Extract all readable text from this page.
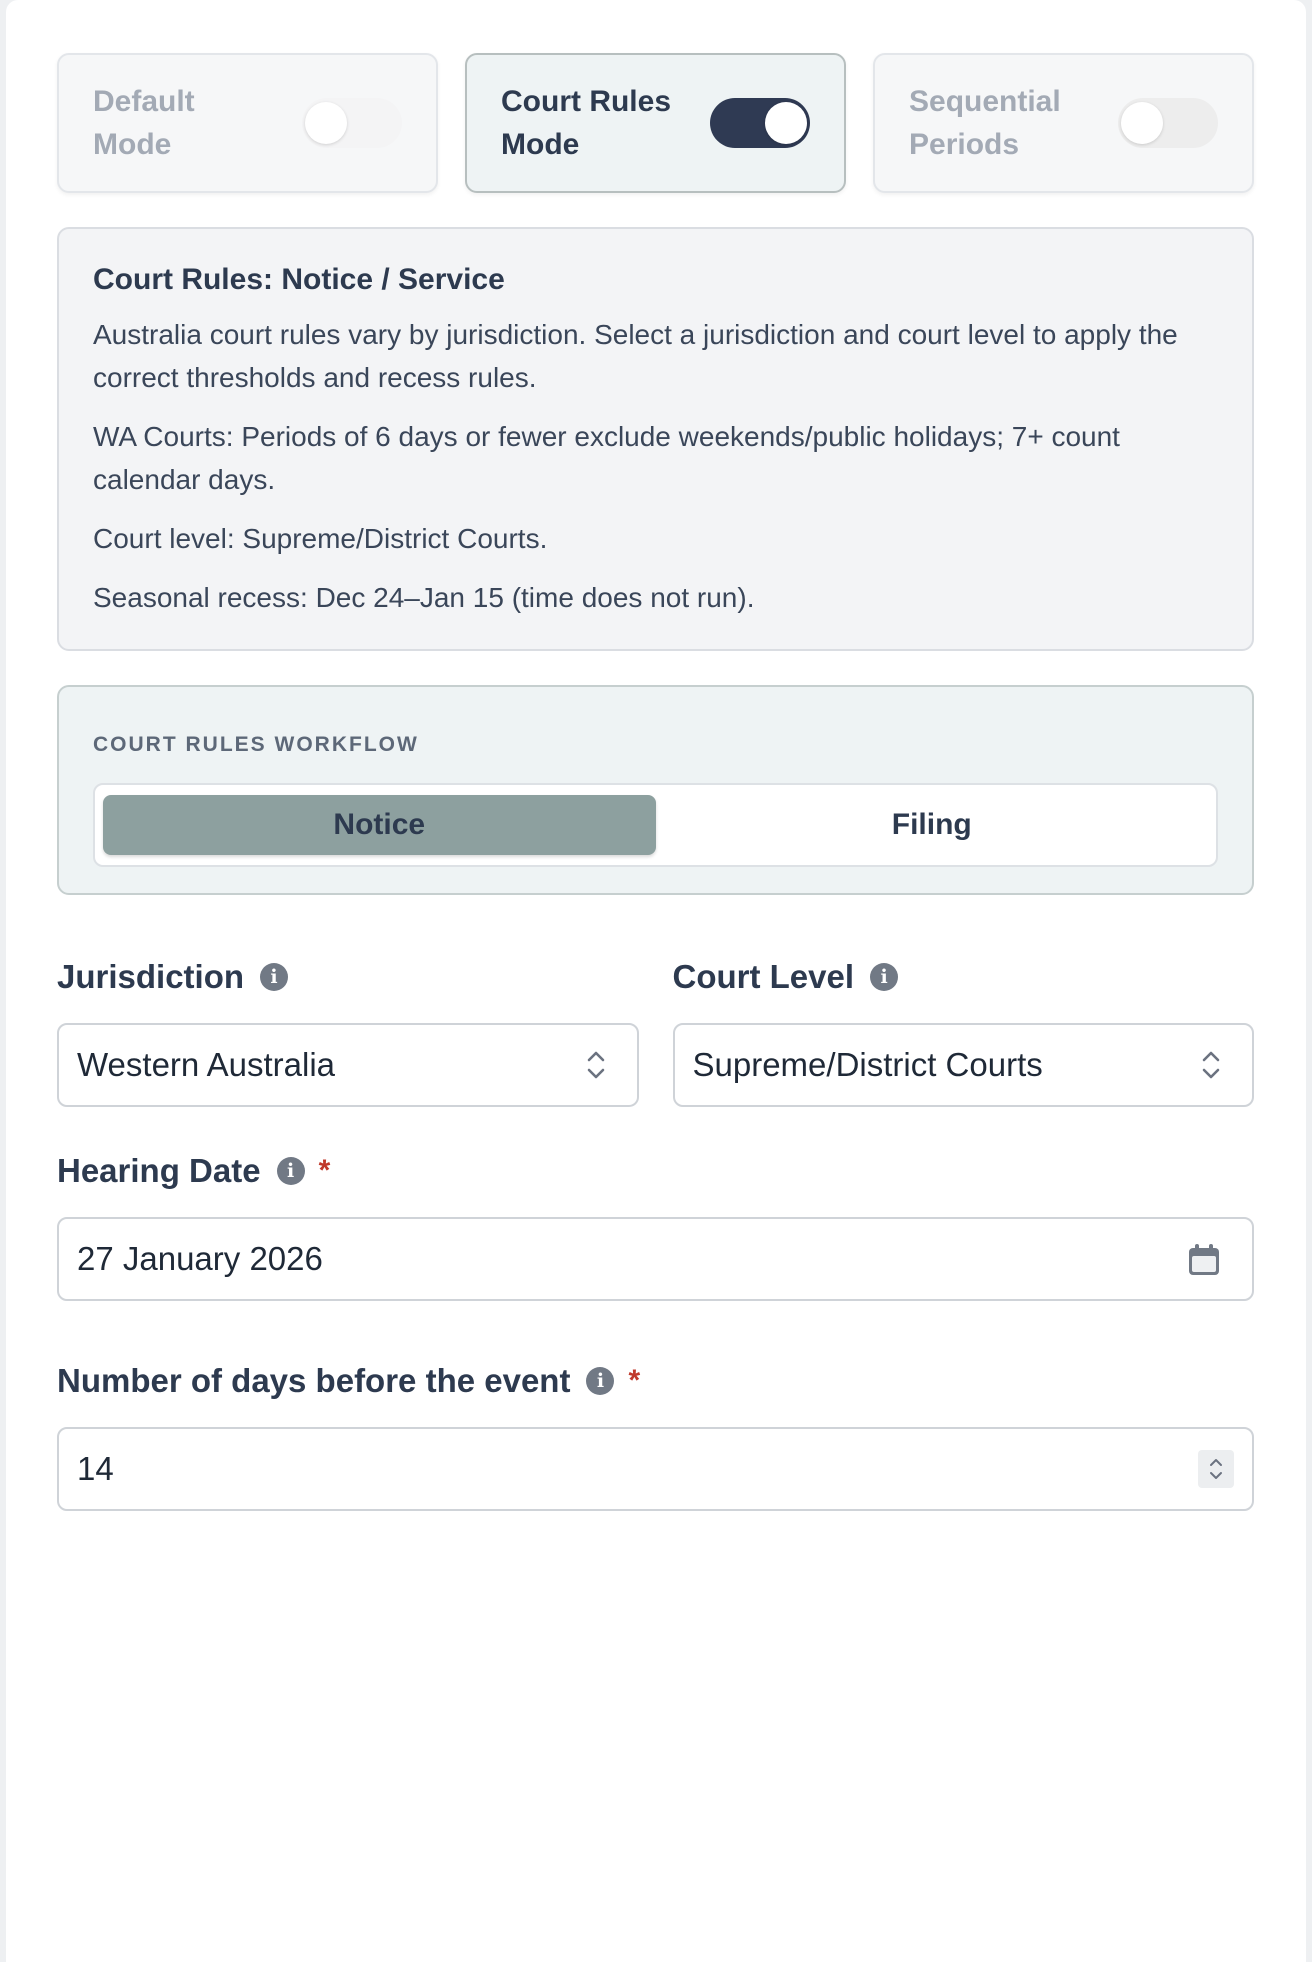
Default
Mode
Court Rules
Mode
Sequential
Periods
Court Rules: Notice / Service

Australia court rules vary by jurisdiction. Select a jurisdiction and court level to apply the correct thresholds and recess rules.

WA Courts: Periods of 6 days or fewer exclude weekends/public holidays; 7+ count calendar days.

Court level: Supreme/District Courts.

Seasonal recess: Dec 24–Jan 15 (time does not run).

COURT RULES WORKFLOW
Notice	Filing
Jurisdiction	i
Western Australia
Court Level	i
Supreme/District Courts
Hearing Date	i *
27 January 2026
Number of days before the event	i *
14
